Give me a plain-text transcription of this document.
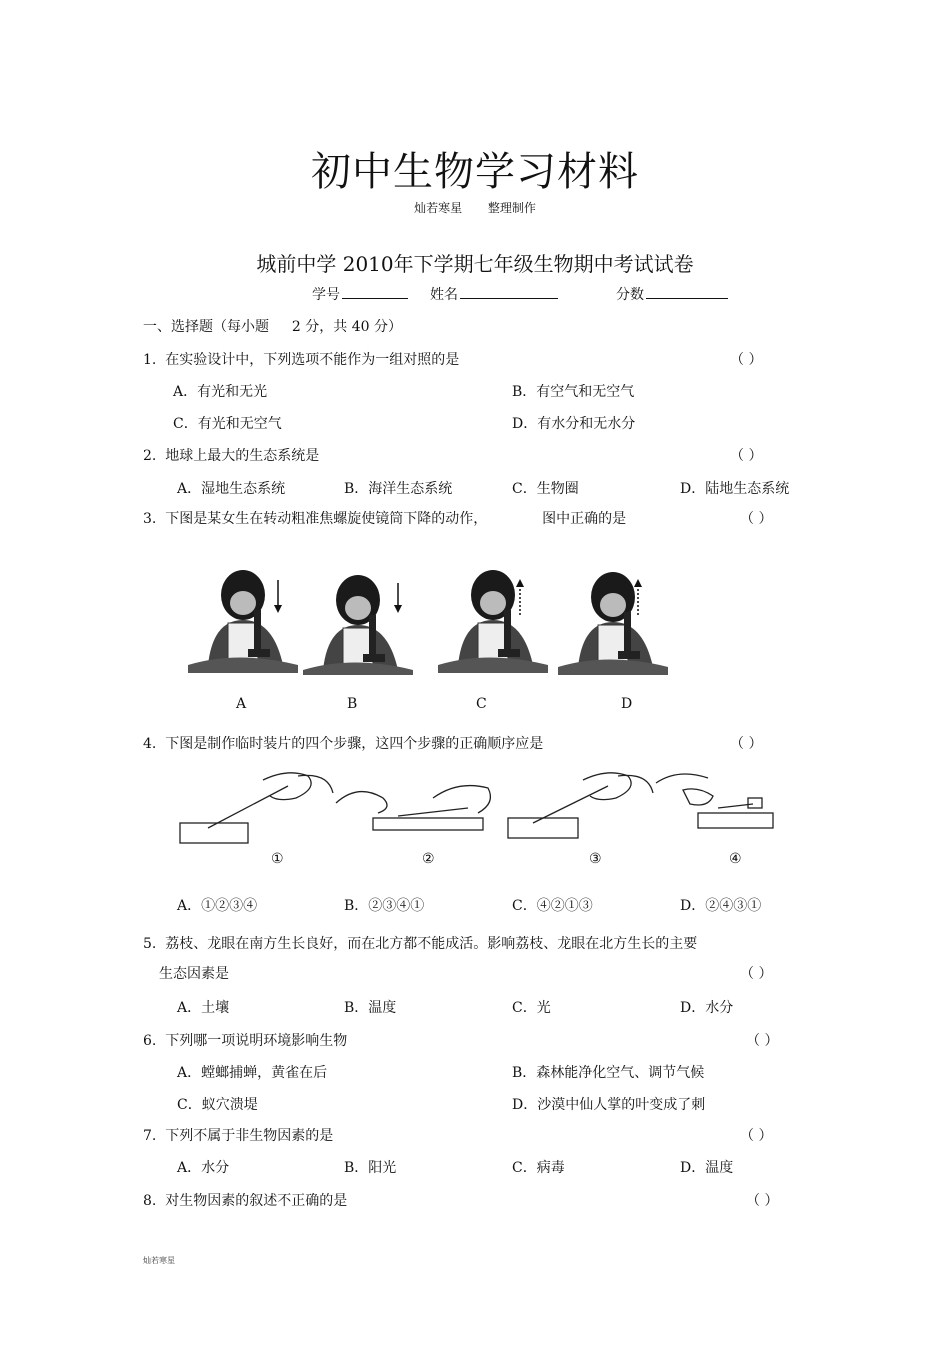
初中生物学习材料
灿若寒星 整理制作
城前中学 2010年下学期七年级生物期中考试试卷
学号	姓名	分数
一、选择题（每小题 2 分，共 40 分）
1. 在实验设计中，下列选项不能作为一组对照的是	（ ）
A．有光和无光	B．有空气和无空气
C．有光和无空气	D．有水分和无水分
2. 地球上最大的生态系统是	（ ）
A．湿地生态系统	B．海洋生态系统	C．生物圈	D．陆地生态系统
3. 下图是某女生在转动粗准焦螺旋使镜筒下降的动作，	图中正确的是	（ ）
A	B	C	D
4. 下图是制作临时装片的四个步骤，这四个步骤的正确顺序应是	（ ）
①	②	③	④
A．①②③④	B．②③④①	C．④②①③	D．②④③①
5. 荔枝、龙眼在南方生长良好，而在北方都不能成活。影响荔枝、龙眼在北方生长的主要
生态因素是	（ ）
A．土壤	B．温度	C．光	D．水分
6. 下列哪一项说明环境影响生物	（ ）
A．螳螂捕蝉，黄雀在后	B．森林能净化空气、调节气候
C．蚁穴溃堤	D．沙漠中仙人掌的叶变成了刺
7. 下列不属于非生物因素的是	（ ）
A．水分	B．阳光	C．病毒	D．温度
8. 对生物因素的叙述不正确的是	（ ）
灿若寒星
